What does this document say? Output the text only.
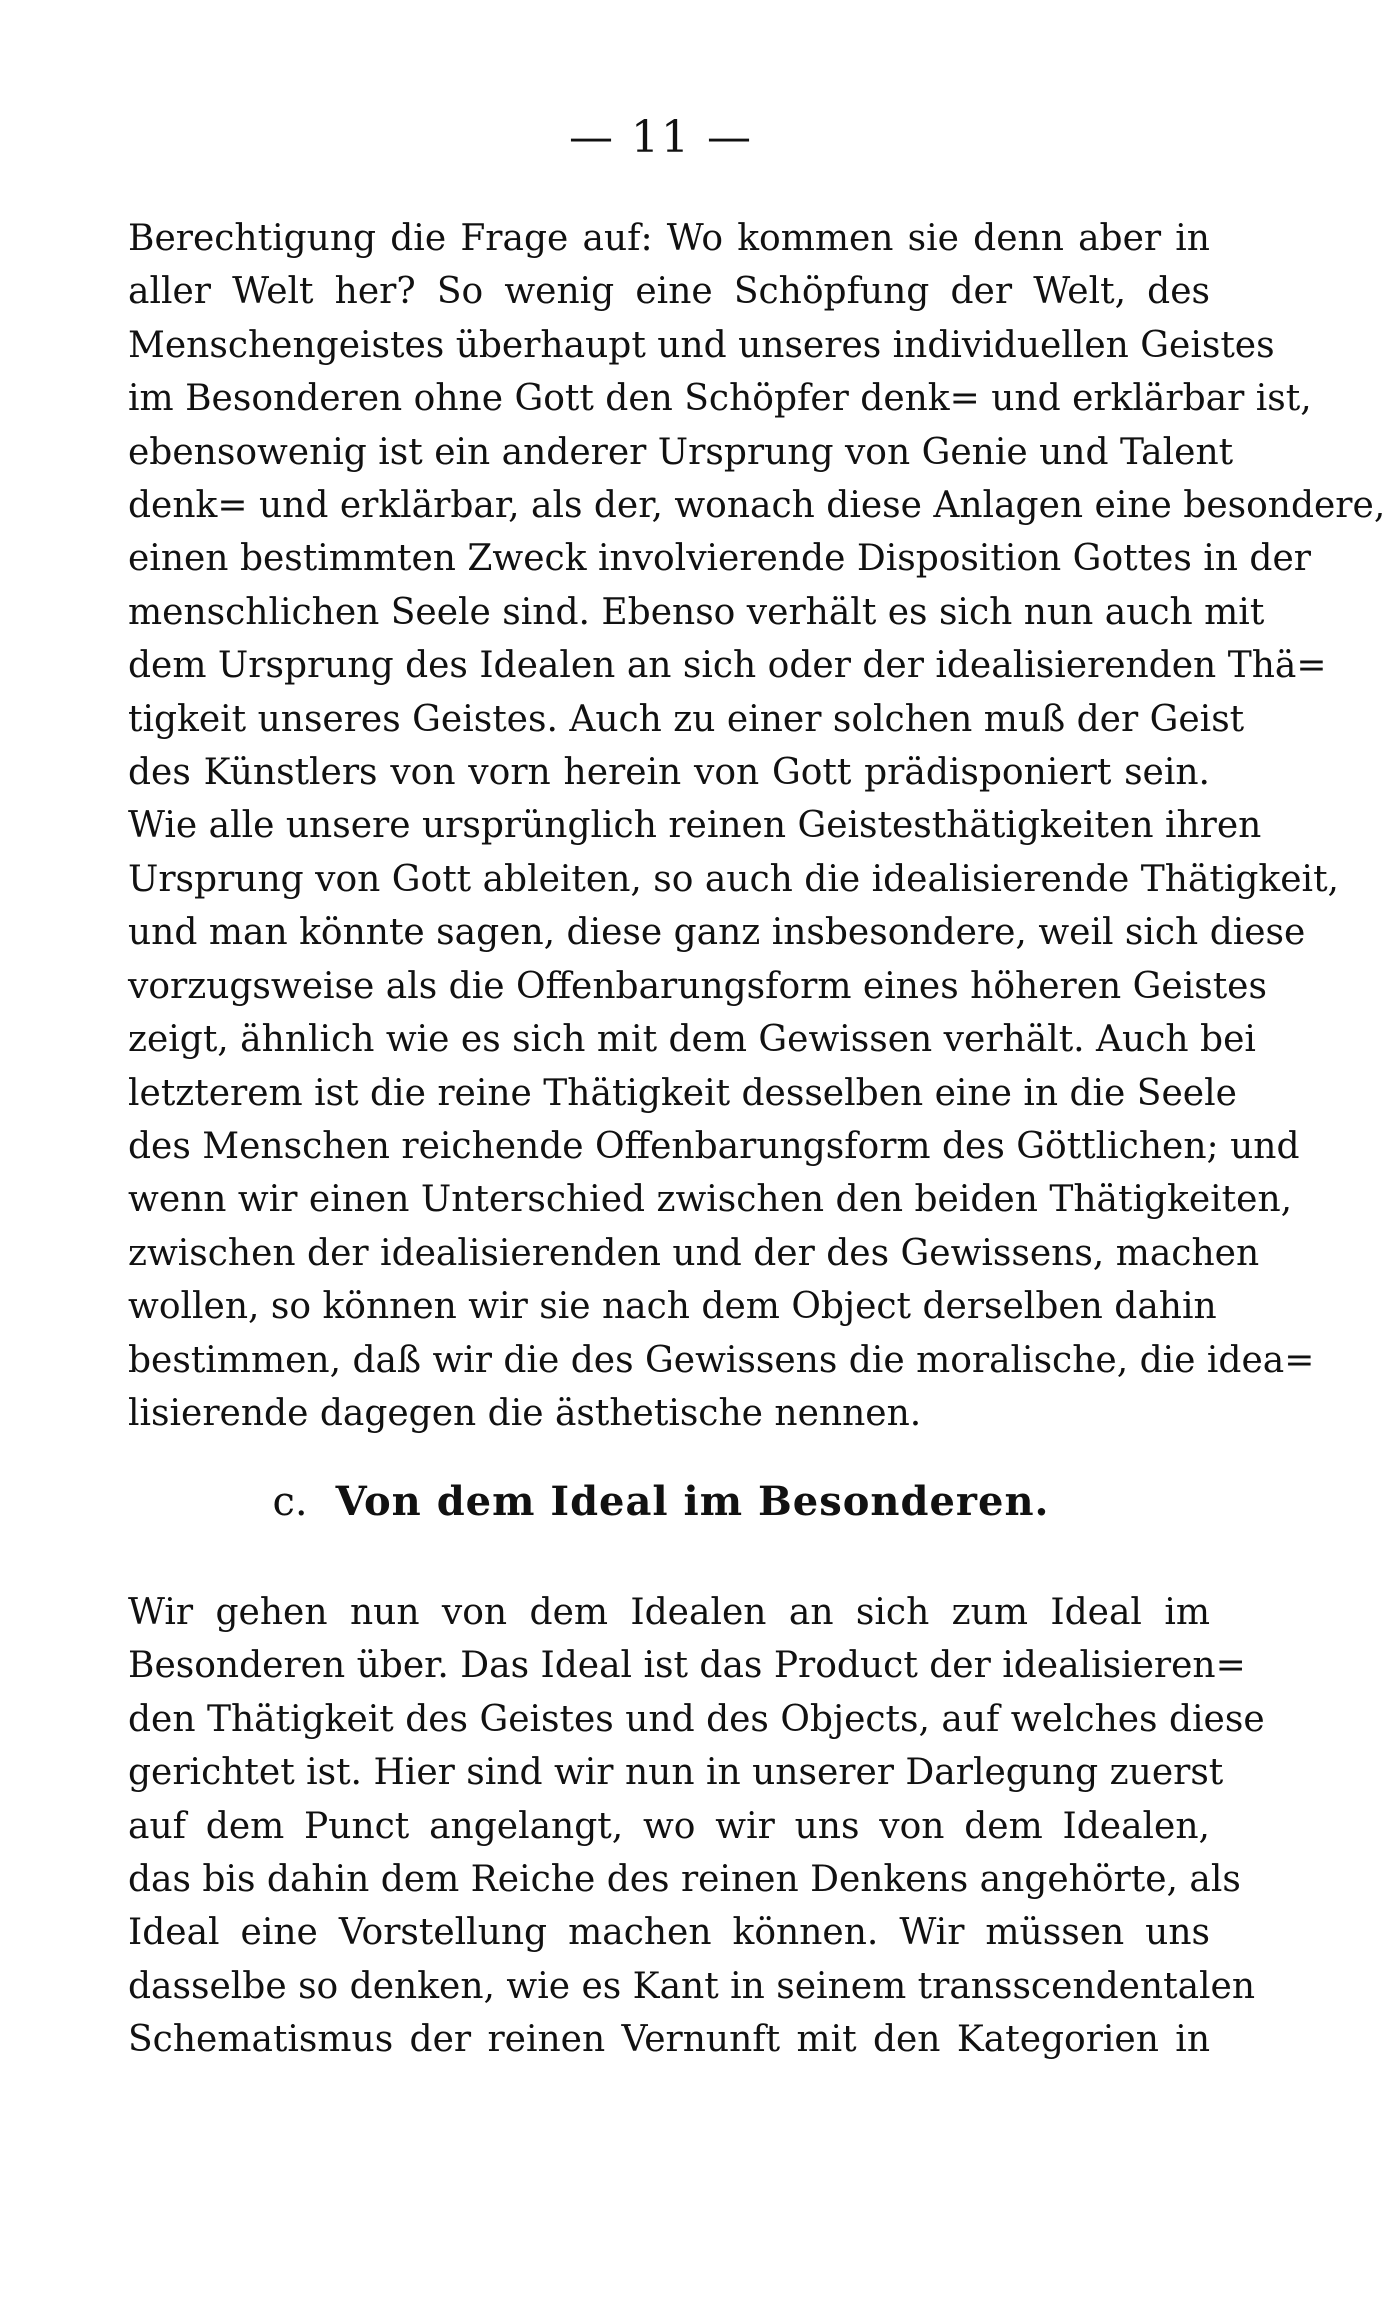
— 11 —
Berechtigung die Frage auf: Wo kommen sie denn aber in
aller Welt her? So wenig eine Schöpfung der Welt, des
Menschengeistes überhaupt und unseres individuellen Geistes
im Besonderen ohne Gott den Schöpfer denk= und erklärbar ist,
ebensowenig ist ein anderer Ursprung von Genie und Talent
denk= und erklärbar, als der, wonach diese Anlagen eine besondere,
einen bestimmten Zweck involvierende Disposition Gottes in der
menschlichen Seele sind. Ebenso verhält es sich nun auch mit
dem Ursprung des Idealen an sich oder der idealisierenden Thä=
tigkeit unseres Geistes. Auch zu einer solchen muß der Geist
des Künstlers von vorn herein von Gott prädisponiert sein.
Wie alle unsere ursprünglich reinen Geistesthätigkeiten ihren
Ursprung von Gott ableiten, so auch die idealisierende Thätigkeit,
und man könnte sagen, diese ganz insbesondere, weil sich diese
vorzugsweise als die Offenbarungsform eines höheren Geistes
zeigt, ähnlich wie es sich mit dem Gewissen verhält. Auch bei
letzterem ist die reine Thätigkeit desselben eine in die Seele
des Menschen reichende Offenbarungsform des Göttlichen; und
wenn wir einen Unterschied zwischen den beiden Thätigkeiten,
zwischen der idealisierenden und der des Gewissens, machen
wollen, so können wir sie nach dem Object derselben dahin
bestimmen, daß wir die des Gewissens die moralische, die idea=
lisierende dagegen die ästhetische nennen.
c. Von dem Ideal im Besonderen.
Wir gehen nun von dem Idealen an sich zum Ideal im
Besonderen über. Das Ideal ist das Product der idealisieren=
den Thätigkeit des Geistes und des Objects, auf welches diese
gerichtet ist. Hier sind wir nun in unserer Darlegung zuerst
auf dem Punct angelangt, wo wir uns von dem Idealen,
das bis dahin dem Reiche des reinen Denkens angehörte, als
Ideal eine Vorstellung machen können. Wir müssen uns
dasselbe so denken, wie es Kant in seinem transscendentalen
Schematismus der reinen Vernunft mit den Kategorien in
